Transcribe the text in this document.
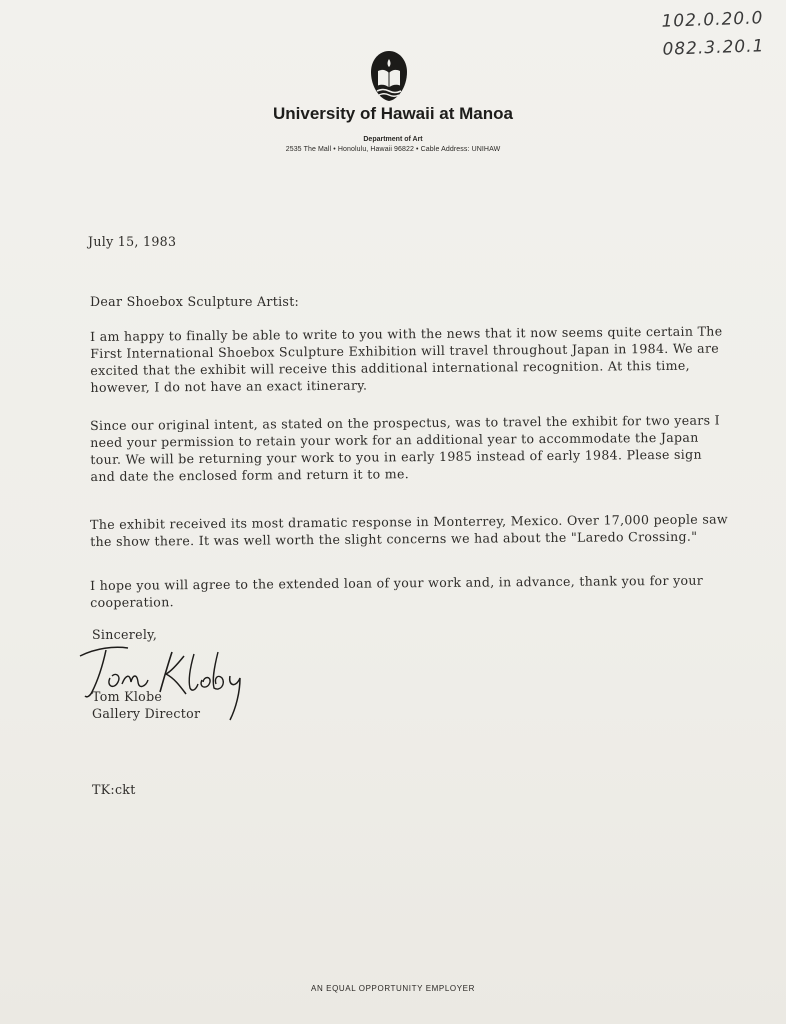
102.0.20.0
082.3.20.1
University of Hawaii at Manoa
Department of Art
2535 The Mall • Honolulu, Hawaii 96822 • Cable Address: UNIHAW
July 15, 1983
Dear Shoebox Sculpture Artist:

I am happy to finally be able to write to you with the news that it now seems quite certain The First International Shoebox Sculpture Exhibition will travel throughout Japan in 1984. We are excited that the exhibit will receive this additional international recognition. At this time, however, I do not have an exact itinerary.

Since our original intent, as stated on the prospectus, was to travel the exhibit for two years I need your permission to retain your work for an additional year to accommodate the Japan tour. We will be returning your work to you in early 1985 instead of early 1984. Please sign and date the enclosed form and return it to me.

The exhibit received its most dramatic response in Monterrey, Mexico. Over 17,000 people saw the show there. It was well worth the slight concerns we had about the "Laredo Crossing."

I hope you will agree to the extended loan of your work and, in advance, thank you for your cooperation.

Sincerely,
Tom Klobe
Gallery Director
TK:ckt
AN EQUAL OPPORTUNITY EMPLOYER
